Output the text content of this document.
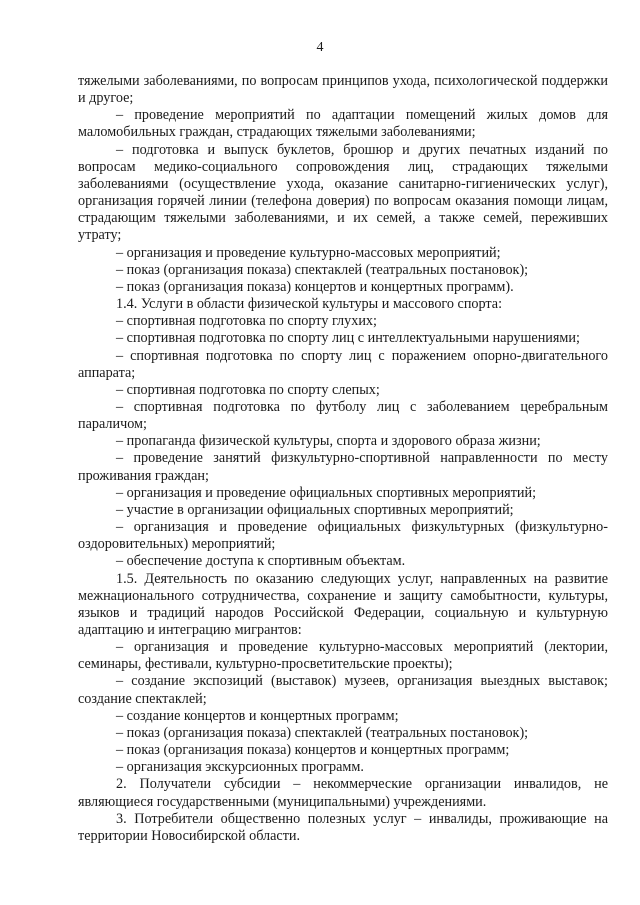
4

тяжелыми заболеваниями, по вопросам принципов ухода, психологической поддержки и другое;

– проведение мероприятий по адаптации помещений жилых домов для маломобильных граждан, страдающих тяжелыми заболеваниями;

– подготовка и выпуск буклетов, брошюр и других печатных изданий по вопросам медико-социального сопровождения лиц, страдающих тяжелыми заболеваниями (осуществление ухода, оказание санитарно-гигиенических услуг), организация горячей линии (телефона доверия) по вопросам оказания помощи лицам, страдающим тяжелыми заболеваниями, и их семей, а также семей, переживших утрату;

– организация и проведение культурно-массовых мероприятий;

– показ (организация показа) спектаклей (театральных постановок);

– показ (организация показа) концертов и концертных программ).

1.4. Услуги в области физической культуры и массового спорта:

– спортивная подготовка по спорту глухих;

– спортивная подготовка по спорту лиц с интеллектуальными нарушениями;

– спортивная подготовка по спорту лиц с поражением опорно-двигательного аппарата;

– спортивная подготовка по спорту слепых;

– спортивная подготовка по футболу лиц с заболеванием церебральным параличом;

– пропаганда физической культуры, спорта и здорового образа жизни;

– проведение занятий физкультурно-спортивной направленности по месту проживания граждан;

– организация и проведение официальных спортивных мероприятий;

– участие в организации официальных спортивных мероприятий;

– организация и проведение официальных физкультурных (физкультурно-оздоровительных) мероприятий;

– обеспечение доступа к спортивным объектам.

1.5. Деятельность по оказанию следующих услуг, направленных на развитие межнационального сотрудничества, сохранение и защиту самобытности, культуры, языков и традиций народов Российской Федерации, социальную и культурную адаптацию и интеграцию мигрантов:

– организация и проведение культурно-массовых мероприятий (лектории, семинары, фестивали, культурно-просветительские проекты);

– создание экспозиций (выставок) музеев, организация выездных выставок; создание спектаклей;

– создание концертов и концертных программ;

– показ (организация показа) спектаклей (театральных постановок);

– показ (организация показа) концертов и концертных программ;

– организация экскурсионных программ.

2. Получатели субсидии – некоммерческие организации инвалидов, не являющиеся государственными (муниципальными) учреждениями.

3. Потребители общественно полезных услуг – инвалиды, проживающие на территории Новосибирской области.
